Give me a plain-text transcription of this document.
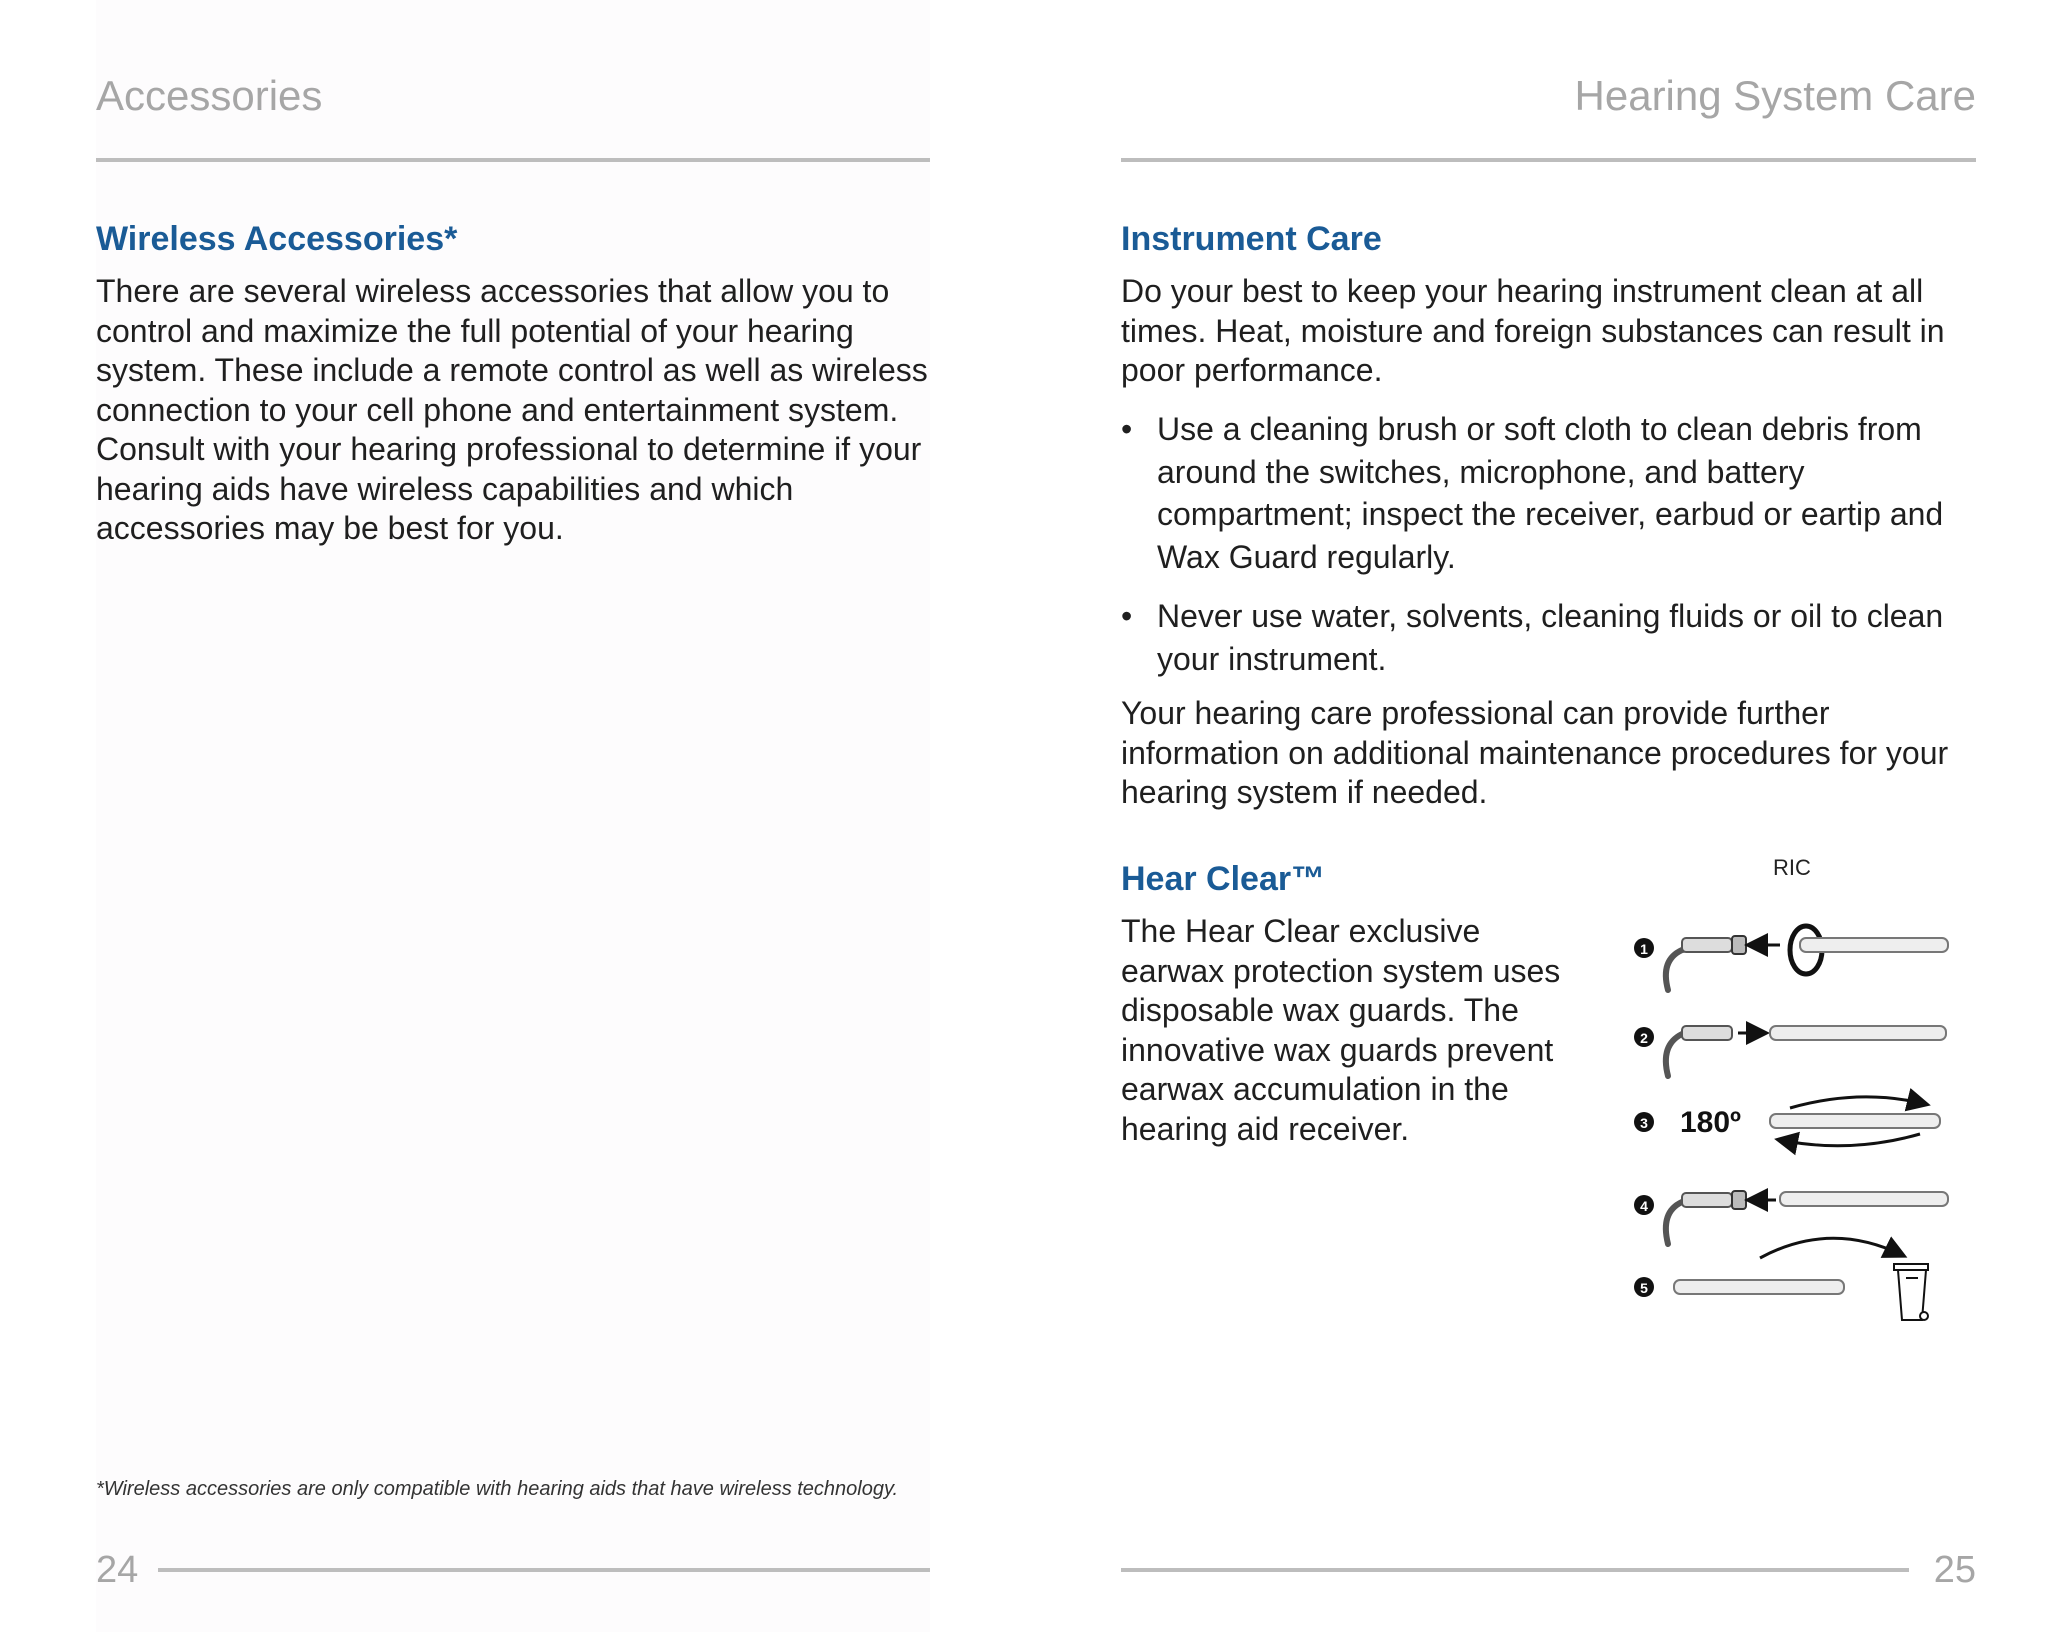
Accessories
Wireless Accessories*

There are several wireless accessories that allow you to control and maximize the full potential of your hearing system. These include a remote control as well as wireless connection to your cell phone and entertainment system. Consult with your hearing professional to determine if your hearing aids have wireless capabilities and which accessories may be best for you.

*Wireless accessories are only compatible with hearing aids that have wireless technology.

24
Hearing System Care
Instrument Care

Do your best to keep your hearing instrument clean at all times. Heat, moisture and foreign substances can result in poor performance.

• Use a cleaning brush or soft cloth to clean debris from around the switches, microphone, and battery compartment; inspect the receiver, earbud or eartip and Wax Guard regularly.
• Never use water, solvents, cleaning fluids or oil to clean your instrument.

Your hearing care professional can provide further information on additional maintenance procedures for your hearing system if needed.

Hear Clear™

The Hear Clear exclusive earwax protection system uses disposable wax guards. The innovative wax guards prevent earwax accumulation in the hearing aid receiver.

25
RIC
1
2
3 180º
4
5
